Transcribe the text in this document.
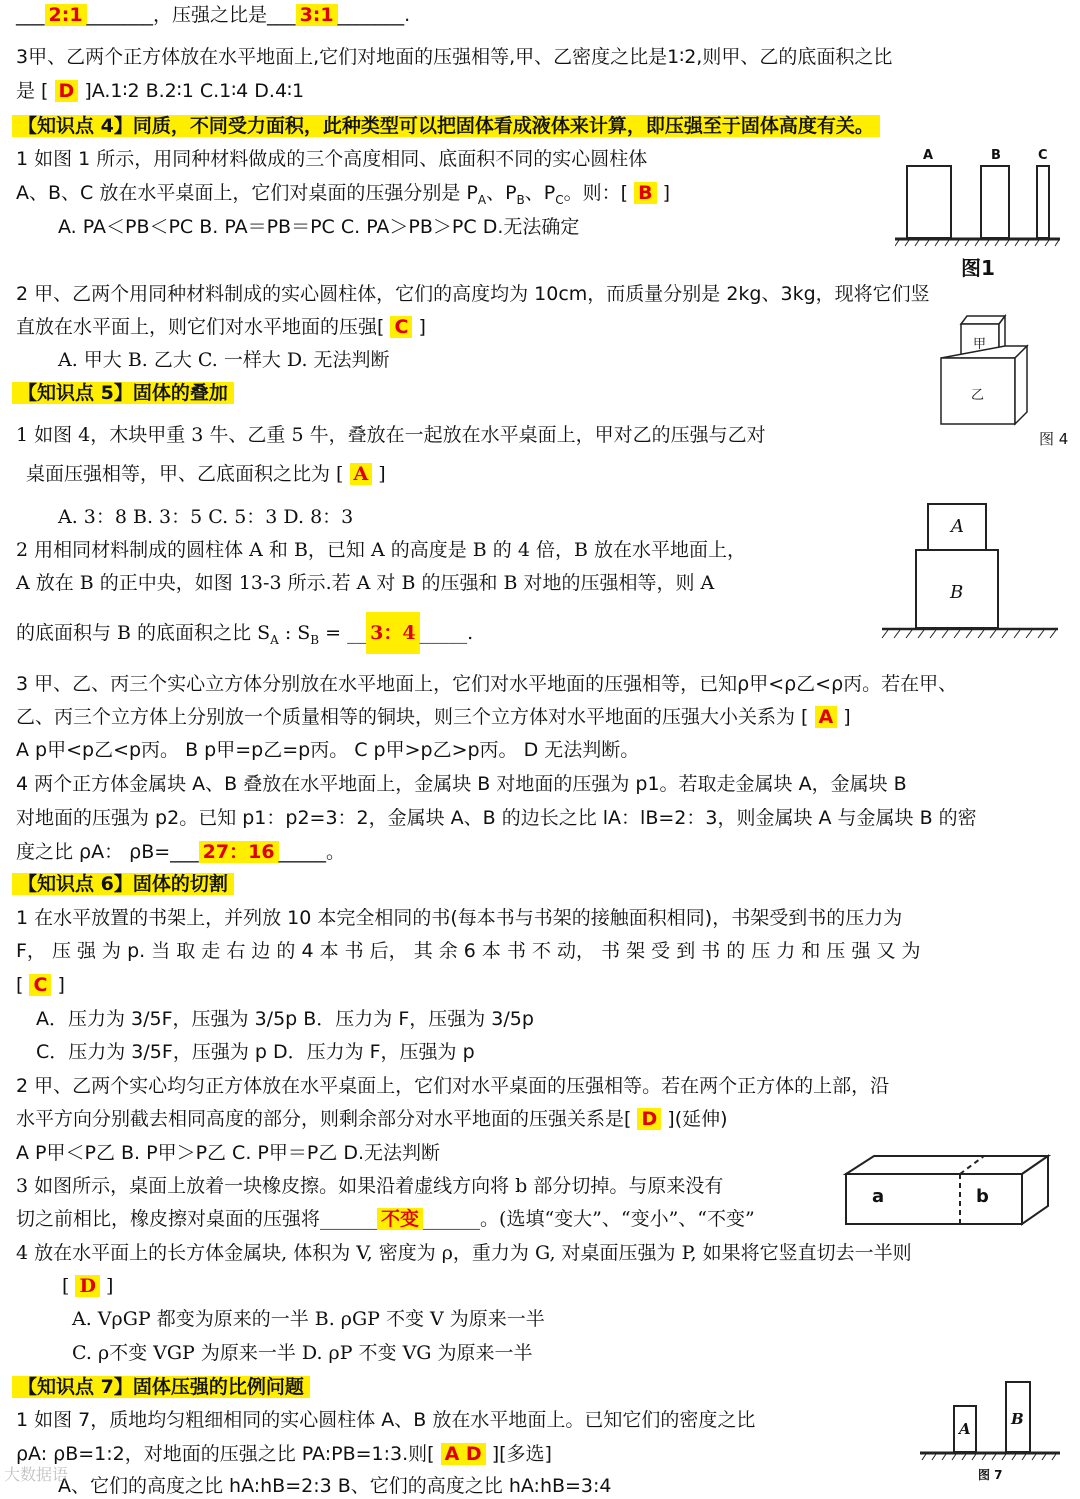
___ 2:1 _______，压强之比是___ 3:1 _______.
3甲、乙两个正方体放在水平地面上,它们对地面的压强相等,甲、乙密度之比是1∶2,则甲、乙的底面积之比
是 [ D ]A.1∶2 B.2∶1 C.1∶4 D.4∶1
【知识点 4】同质，不同受力面积，此种类型可以把固体看成液体来计算，即压强至于固体高度有关。
1 如图 1 所示，用同种材料做成的三个高度相同、底面积不同的实心圆柱体
A、B、C 放在水平桌面上，它们对桌面的压强分别是 $P_A$、$P_B$、$P_C$。则：[ B ]
A. PA＜PB＜PC B. PA＝PB＝PC C. PA＞PB＞PC D.无法确定
A	B	C
图1
2 甲、乙两个用同种材料制成的实心圆柱体，它们的高度均为 10cm，而质量分别是 2kg、3kg，现将它们竖
直放在水平面上，则它们对水平地面的压强[ C ]
A. 甲大 B. 乙大 C. 一样大 D. 无法判断
甲
乙
图 4
【知识点 5】固体的叠加
1 如图 4，木块甲重 3 牛、乙重 5 牛，叠放在一起放在水平桌面上，甲对乙的压强与乙对
桌面压强相等，甲、乙底面积之比为 [ A ]
A. 3：8 B. 3：5 C. 5：3 D. 8：3
2 用相同材料制成的圆柱体 A 和 B，已知 A 的高度是 B 的 4 倍，B 放在水平地面上，
A 放在 B 的正中央，如图 13-3 所示.若 A 对 B 的压强和 B 对地的压强相等，则 A
的底面积与 B 的底面积之比 $S_A$ : $S_B$ = __ 3：4 _____.
A
B
3 甲、乙、丙三个实心立方体分别放在水平地面上，它们对水平地面的压强相等，已知ρ甲<ρ乙<ρ丙。若在甲、
乙、丙三个立方体上分别放一个质量相等的铜块，则三个立方体对水平地面的压强大小关系为 [ A ]
A p甲<p乙<p丙。 B p甲=p乙=p丙。 C p甲>p乙>p丙。 D 无法判断。
4 两个正方体金属块 A、B 叠放在水平地面上，金属块 B 对地面的压强为 p1。若取走金属块 A，金属块 B
对地面的压强为 p2。已知 p1：p2=3：2，金属块 A、B 的边长之比 lA：lB=2：3，则金属块 A 与金属块 B 的密
度之比 ρA： ρB=___ 27：16 _____。
【知识点 6】固体的切割
1 在水平放置的书架上，并列放 10 本完全相同的书(每本书与书架的接触面积相同)，书架受到书的压力为
F， 压 强 为 p. 当 取 走 右 边 的 4 本 书 后， 其 余 6 本 书 不 动， 书 架 受 到 书 的 压 力 和 压 强 又 为
[ C ]
A．压力为 3/5F，压强为 3/5p B．压力为 F，压强为 3/5p
C．压力为 3/5F，压强为 p D．压力为 F，压强为 p
2 甲、乙两个实心均匀正方体放在水平桌面上，它们对水平桌面的压强相等。若在两个正方体的上部，沿
水平方向分别截去相同高度的部分，则剩余部分对水平地面的压强关系是[ D ](延伸)
A P甲＜P乙 B. P甲＞P乙 C. P甲＝P乙 D.无法判断
3 如图所示，桌面上放着一块橡皮擦。如果沿着虚线方向将 b 部分切掉。与原来没有
切之前相比，橡皮擦对桌面的压强将______ 不变 ______。(选填“变大”、“变小”、“不变”
a	b
4 放在水平面上的长方体金属块, 体积为 V, 密度为 ρ，重力为 G, 对桌面压强为 P, 如果将它竖直切去一半则
[ D ]
A. VρGP 都变为原来的一半 B. ρGP 不变 V 为原来一半
C. ρ不变 VGP 为原来一半 D. ρP 不变 VG 为原来一半
【知识点 7】固体压强的比例问题
1 如图 7，质地均匀粗细相同的实心圆柱体 A、B 放在水平地面上。已知它们的密度之比
ρA: ρB=1:2，对地面的压强之比 PA:PB=1:3.则[ A D ][多选]
A、它们的高度之比 hA:hB=2:3 B、它们的高度之比 hA:hB=3:4
A
B
图 7
大数据语
